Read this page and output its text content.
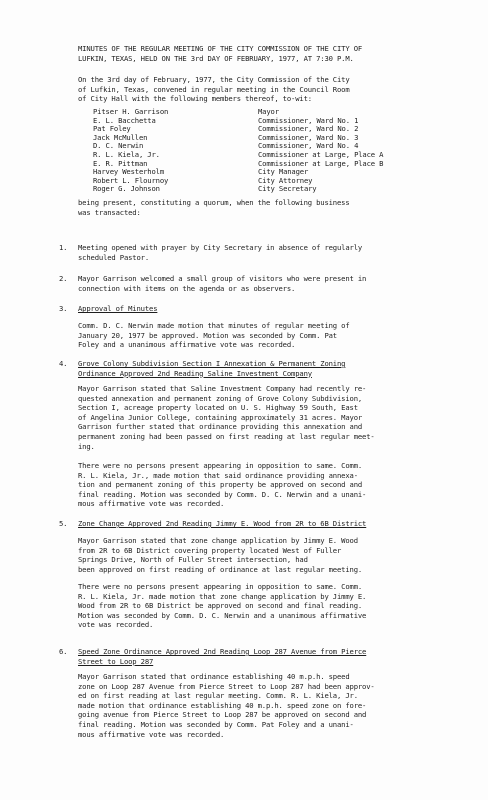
MINUTES OF THE REGULAR MEETING OF THE CITY COMMISSION OF THE CITY OF
LUFKIN, TEXAS, HELD ON THE 3rd DAY OF FEBRUARY, 1977, AT 7:30 P.M.
On the 3rd day of February, 1977, the City Commission of the City
of Lufkin, Texas, convened in regular meeting in the Council Room
of City Hall with the following members thereof, to-wit:
Pitser H. Garrison	Mayor
E. L. Bacchetta	Commissioner, Ward No. 1
Pat Foley	Commissioner, Ward No. 2
Jack McMullen	Commissioner, Ward No. 3
D. C. Nerwin	Commissioner, Ward No. 4
R. L. Kiela, Jr.	Commissioner at Large, Place A
E. R. Pittman	Commissioner at Large, Place B
Harvey Westerholm	City Manager
Robert L. Flournoy	City Attorney
Roger G. Johnson	City Secretary
being present, constituting a quorum, when the following business
was transacted:
1. Meeting opened with prayer by City Secretary in absence of regularly
scheduled Pastor.
2. Mayor Garrison welcomed a small group of visitors who were present in
connection with items on the agenda or as observers.
3. Approval of Minutes
Comm. D. C. Nerwin made motion that minutes of regular meeting of
January 20, 1977 be approved. Motion was seconded by Comm. Pat
Foley and a unanimous affirmative vote was recorded.
4. Grove Colony Subdivision Section I Annexation & Permanent Zoning
Ordinance Approved 2nd Reading Saline Investment Company
Mayor Garrison stated that Saline Investment Company had recently re-
quested annexation and permanent zoning of Grove Colony Subdivision,
Section I, acreage property located on U. S. Highway 59 South, East
of Angelina Junior College, containing approximately 31 acres. Mayor
Garrison further stated that ordinance providing this annexation and
permanent zoning had been passed on first reading at last regular meet-
ing.
There were no persons present appearing in opposition to same. Comm.
R. L. Kiela, Jr., made motion that said ordinance providing annexa-
tion and permanent zoning of this property be approved on second and
final reading. Motion was seconded by Comm. D. C. Nerwin and a unani-
mous affirmative vote was recorded.
5. Zone Change Approved 2nd Reading Jimmy E. Wood from 2R to 6B District
Mayor Garrison stated that zone change application by Jimmy E. Wood
from 2R to 6B District covering property located West of Fuller
Springs Drive, North of Fuller Street intersection, had
been approved on first reading of ordinance at last regular meeting.
There were no persons present appearing in opposition to same. Comm.
R. L. Kiela, Jr. made motion that zone change application by Jimmy E.
Wood from 2R to 6B District be approved on second and final reading.
Motion was seconded by Comm. D. C. Nerwin and a unanimous affirmative
vote was recorded.
6. Speed Zone Ordinance Approved 2nd Reading Loop 287 Avenue from Pierce
Street to Loop 287
Mayor Garrison stated that ordinance establishing 40 m.p.h. speed
zone on Loop 287 Avenue from Pierce Street to Loop 287 had been approv-
ed on first reading at last regular meeting. Comm. R. L. Kiela, Jr.
made motion that ordinance establishing 40 m.p.h. speed zone on fore-
going avenue from Pierce Street to Loop 287 be approved on second and
final reading. Motion was seconded by Comm. Pat Foley and a unani-
mous affirmative vote was recorded.
